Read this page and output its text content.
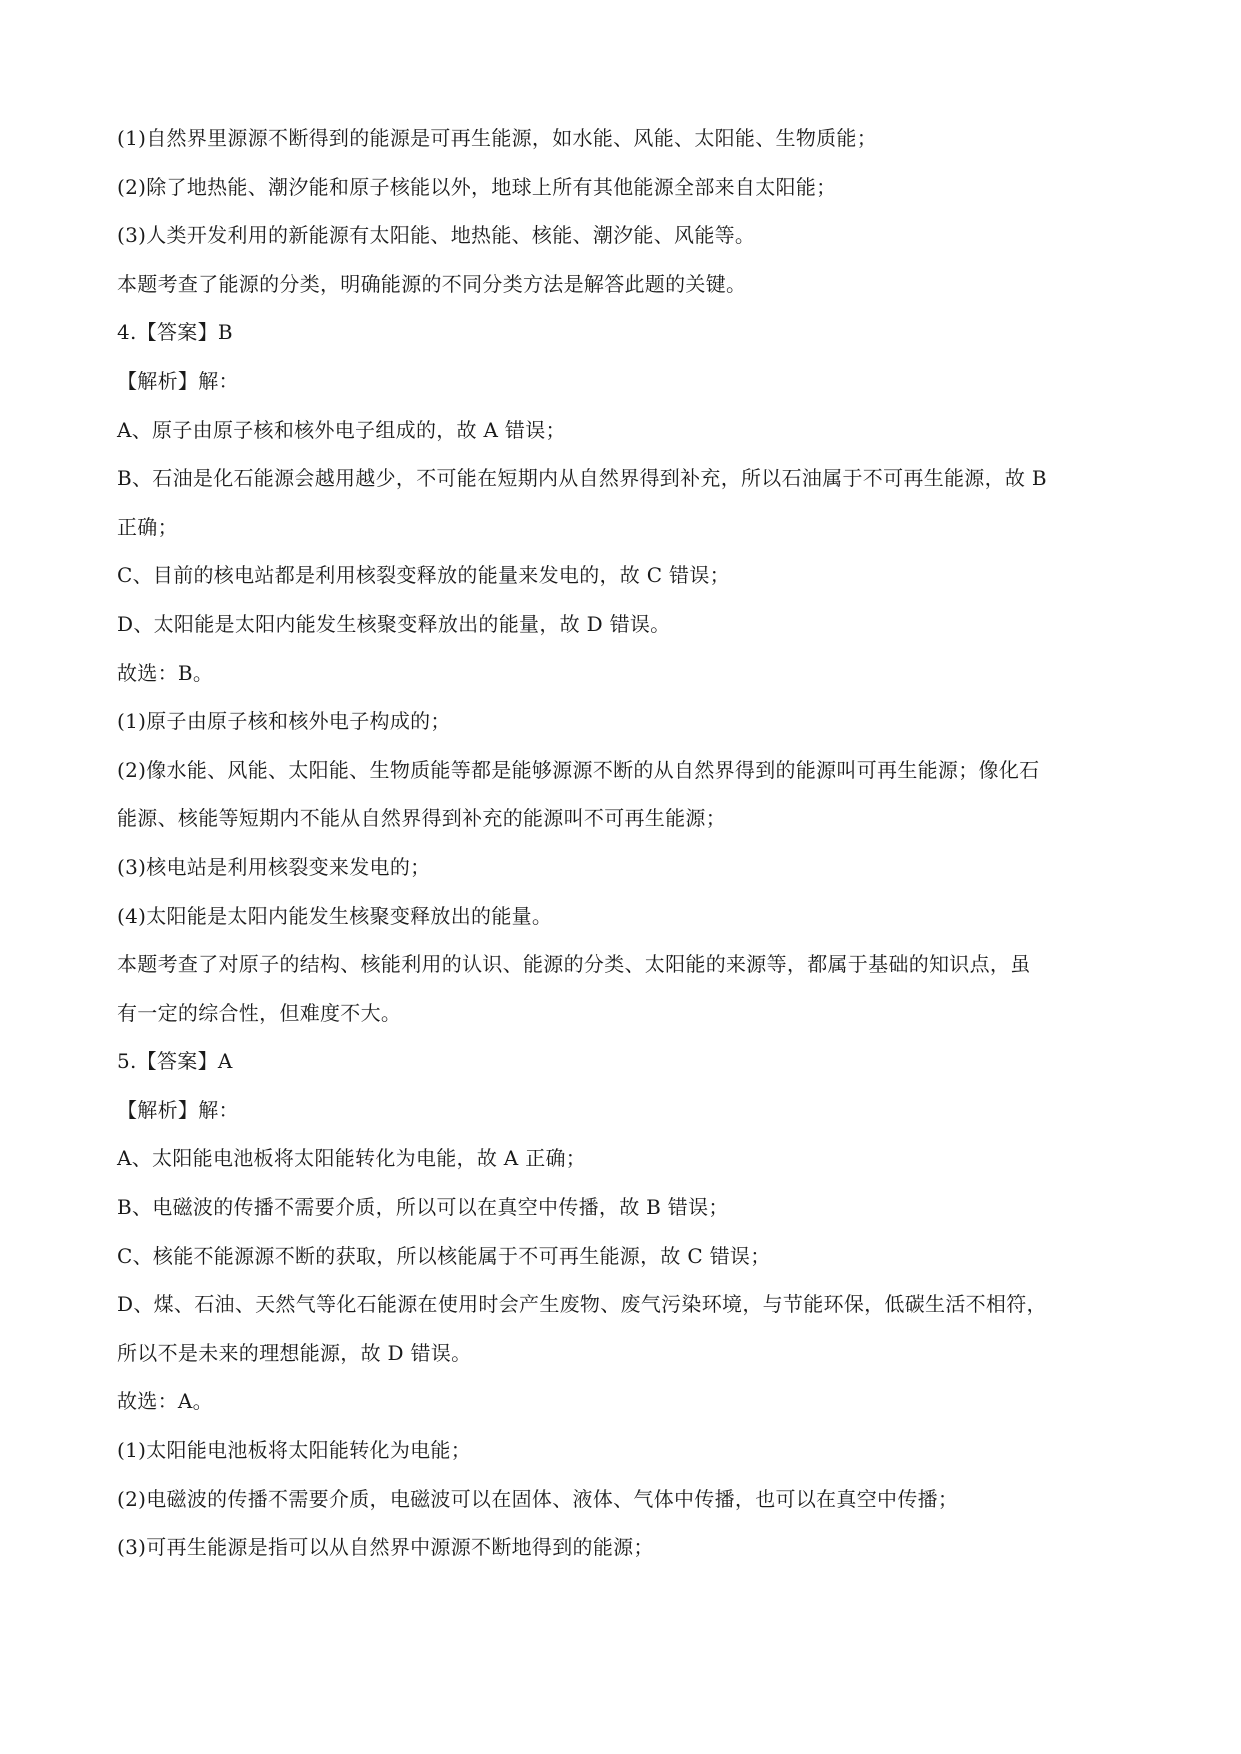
(1)自然界里源源不断得到的能源是可再生能源，如水能、风能、太阳能、生物质能；
(2)除了地热能、潮汐能和原子核能以外，地球上所有其他能源全部来自太阳能；
(3)人类开发利用的新能源有太阳能、地热能、核能、潮汐能、风能等。
本题考查了能源的分类，明确能源的不同分类方法是解答此题的关键。
4.【答案】B
【解析】解：
A、原子由原子核和核外电子组成的，故 A 错误；
B、石油是化石能源会越用越少，不可能在短期内从自然界得到补充，所以石油属于不可再生能源，故 B
正确；
C、目前的核电站都是利用核裂变释放的能量来发电的，故 C 错误；
D、太阳能是太阳内能发生核聚变释放出的能量，故 D 错误。
故选：B。
(1)原子由原子核和核外电子构成的；
(2)像水能、风能、太阳能、生物质能等都是能够源源不断的从自然界得到的能源叫可再生能源；像化石
能源、核能等短期内不能从自然界得到补充的能源叫不可再生能源；
(3)核电站是利用核裂变来发电的；
(4)太阳能是太阳内能发生核聚变释放出的能量。
本题考查了对原子的结构、核能利用的认识、能源的分类、太阳能的来源等，都属于基础的知识点，虽
有一定的综合性，但难度不大。
5.【答案】A
【解析】解：
A、太阳能电池板将太阳能转化为电能，故 A 正确；
B、电磁波的传播不需要介质，所以可以在真空中传播，故 B 错误；
C、核能不能源源不断的获取，所以核能属于不可再生能源，故 C 错误；
D、煤、石油、天然气等化石能源在使用时会产生废物、废气污染环境，与节能环保，低碳生活不相符，
所以不是未来的理想能源，故 D 错误。
故选：A。
(1)太阳能电池板将太阳能转化为电能；
(2)电磁波的传播不需要介质，电磁波可以在固体、液体、气体中传播，也可以在真空中传播；
(3)可再生能源是指可以从自然界中源源不断地得到的能源；
